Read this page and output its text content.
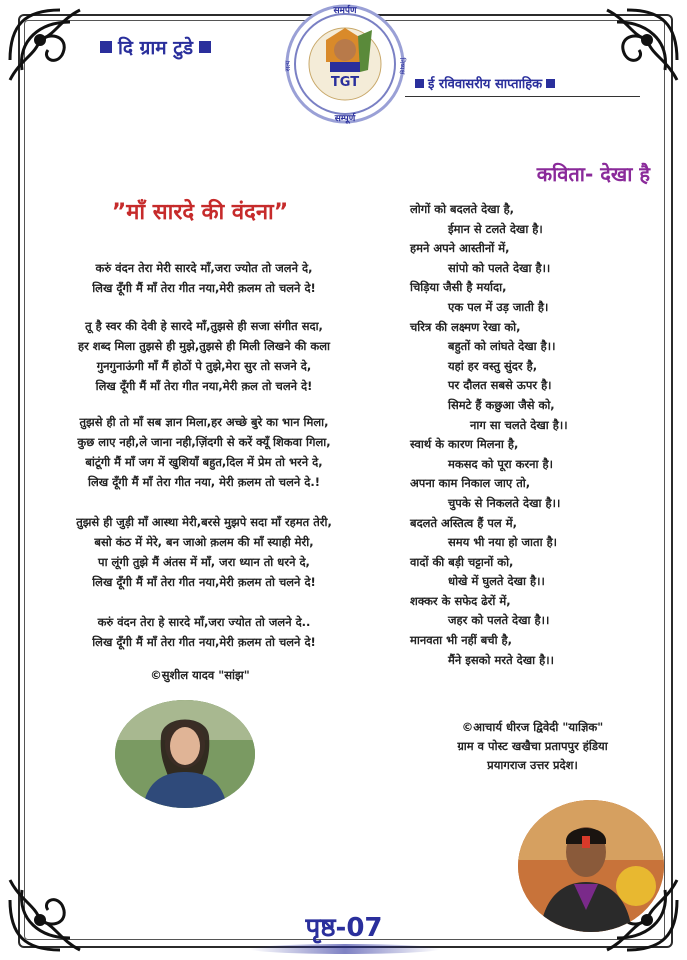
दि ग्राम टुडे
TGT
समर्पण
सम्पूर्ण
सत्य	निष्पक्ष
ई रविवासरीय साप्ताहिक
”माँ सारदे की वंदना”
करुं वंदन तेरा मेरी सारदे माँ,जरा ज्योत तो जलने दे,
लिख दूँगी मैं माँ तेरा गीत नया,मेरी क़लम तो चलने दे!
तू है स्वर की देवी हे सारदे माँ,तुझसे ही सजा संगीत सदा,
हर शब्द मिला तुझसे ही मुझे,तुझसे ही मिली लिखने की कला
गुनगुनाऊंगी माँ मैं होठों पे तुझे,मेरा सुर तो सजने दे,
लिख दूँगी मैं माँ तेरा गीत नया,मेरी क़ल तो चलने दे!
तुझसे ही तो माँ सब ज्ञान मिला,हर अच्छे बुरे का भान मिला,
कुछ लाए नही,ले जाना नही,ज़िंदगी से करें क्यूँ शिकवा गिला,
बांटूंगी मैं माँ जग में खुशियाँ बहुत,दिल में प्रेम तो भरने दे,
लिख दूँगी मैं माँ तेरा गीत नया, मेरी क़लम तो चलने दे.!
तुझसे ही जुड़ी माँ आस्था मेरी,बरसे मुझपे सदा माँ रहमत तेरी,
बसो कंठ में मेरे, बन जाओ क़लम की माँ स्याही मेरी,
पा लूंगी तुझे मैं अंतस में माँ, जरा ध्यान तो धरने दे,
लिख दूँगी मैं माँ तेरा गीत नया,मेरी क़लम तो चलने दे!
करुं वंदन तेरा हे सारदे माँ,जरा ज्योत तो जलने दे..
लिख दूँगी मैं माँ तेरा गीत नया,मेरी क़लम तो चलने दे!
©सुशील यादव "सांझ"
कविता- देखा है
लोगों को बदलते देखा है,
ईमान से टलते देखा है।
हमने अपने आस्तीनों में,
सांपो को पलते देखा है।।
चिड़िया जैसी है मर्यादा,
एक पल में उड़ जाती है।
चरित्र की लक्ष्मण रेखा को,
बहुतों को लांघते देखा है।।
यहां हर वस्तु सुंदर है,
पर दौलत सबसे ऊपर है।
सिमटे हैं कछुआ जैसे को,
नाग सा चलते देखा है।।
स्वार्थ के कारण मिलना है,
मकसद को पूरा करना है।
अपना काम निकाल जाए तो,
चुपके से निकलते देखा है।।
बदलते अस्तित्व हैं पल में,
समय भी नया हो जाता है।
वादों की बड़ी चट्टानों को,
धोखे में घुलते देखा है।।
शक्कर के सफेद ढेरों में,
जहर को पलते देखा है।।
मानवता भी नहीं बची है,
मैंने इसको मरते देखा है।।
©आचार्य धीरज द्विवेदी "याज्ञिक"
ग्राम व पोस्ट खखैचा प्रतापपुर हंडिया
प्रयागराज उत्तर प्रदेश।
पृष्ठ-07
